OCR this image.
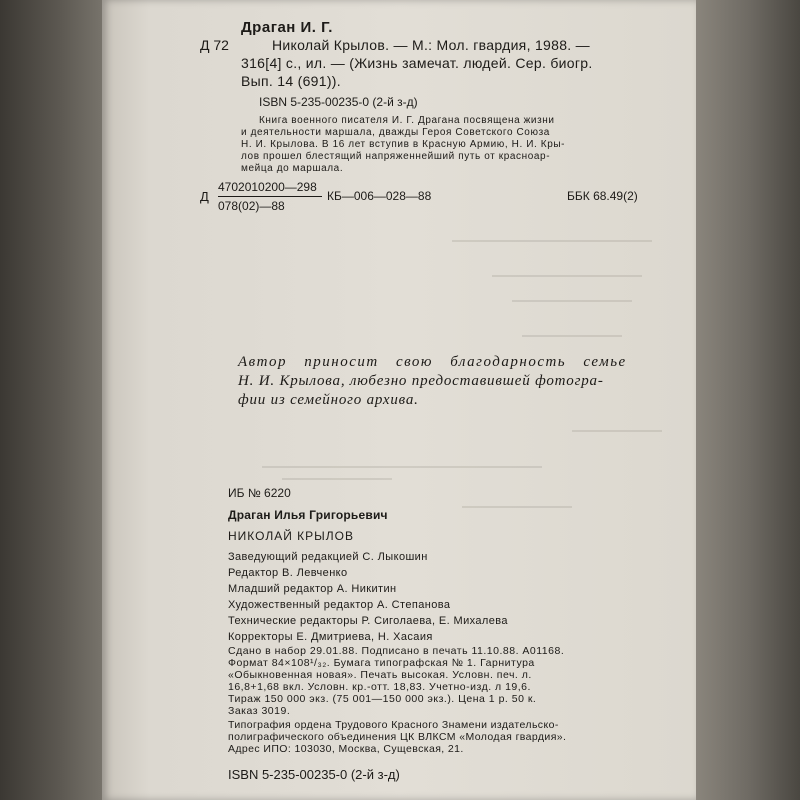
Драган И. Г.
Д 72	Николай Крылов. — М.: Мол. гвардия, 1988. —
316[4] с., ил. — (Жизнь замечат. людей. Сер. биогр.
Вып. 14 (691)).
ISBN 5-235-00235-0 (2-й з-д)
Книга военного писателя И. Г. Драгана посвящена жизни
и деятельности маршала, дважды Героя Советского Союза
Н. И. Крылова. В 16 лет вступив в Красную Армию, Н. И. Кры-
лов прошел блестящий напряженнейший путь от красноар-
мейца до маршала.
Д
4702010200—298
078(02)—88
КБ—006—028—88	ББК 68.49(2)
Автор приносит свою благодарность семье
Н. И. Крылова, любезно предоставившей фотогра-
фии из семейного архива.
ИБ № 6220
Драган Илья Григорьевич
НИКОЛАЙ КРЫЛОВ
Заведующий редакцией С. Лыкошин
Редактор В. Левченко
Младший редактор А. Никитин
Художественный редактор А. Степанова
Технические редакторы Р. Сиголаева, Е. Михалева
Корректоры Е. Дмитриева, Н. Хасаия
Сдано в набор 29.01.88. Подписано в печать 11.10.88. А01168.
Формат 84×108¹/₃₂. Бумага типографская № 1. Гарнитура
«Обыкновенная новая». Печать высокая. Условн. печ. л.
16,8+1,68 вкл. Условн. кр.-отт. 18,83. Учетно-изд. л 19,6.
Тираж 150 000 экз. (75 001—150 000 экз.). Цена 1 р. 50 к.
Заказ 3019.
Типография ордена Трудового Красного Знамени издательско-
полиграфического объединения ЦК ВЛКСМ «Молодая гвардия».
Адрес ИПО: 103030, Москва, Сущевская, 21.
ISBN 5-235-00235-0 (2-й з-д)
